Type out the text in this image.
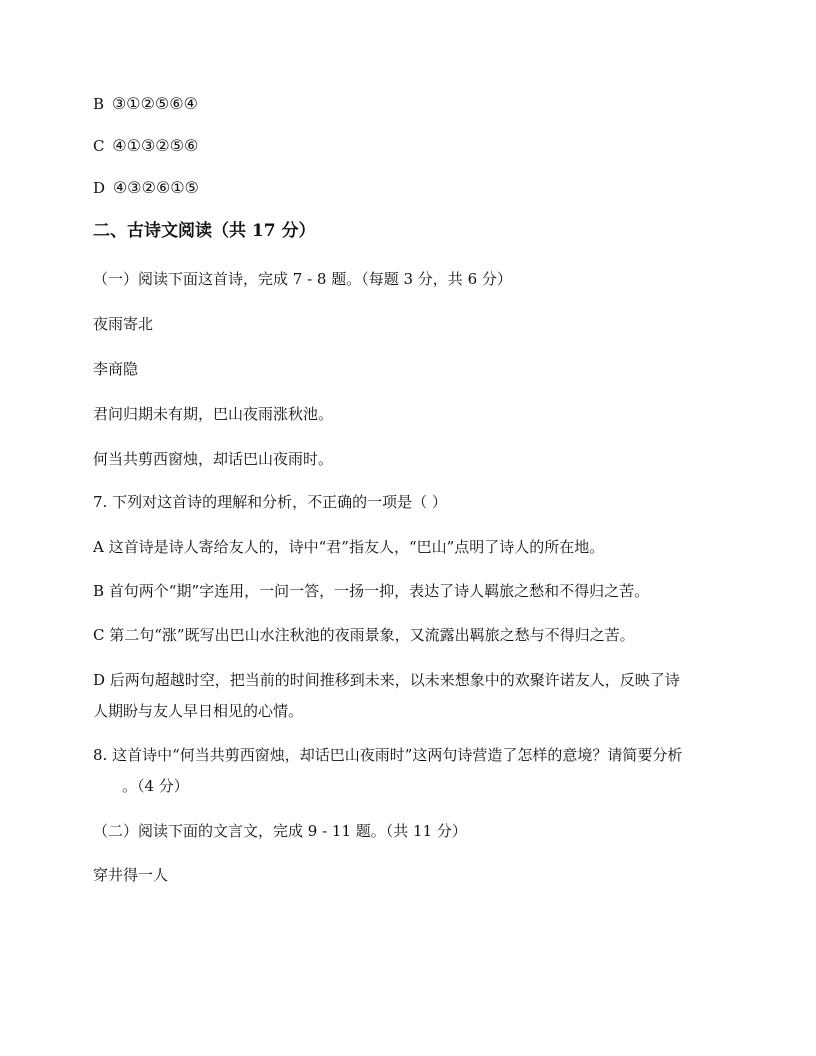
B ③①②⑤⑥④
C ④①③②⑤⑥
D ④③②⑥①⑤
二、古诗文阅读（共 17 分）
（一）阅读下面这首诗，完成 7 - 8 题。（每题 3 分，共 6 分）
夜雨寄北
李商隐
君问归期未有期，巴山夜雨涨秋池。
何当共剪西窗烛，却话巴山夜雨时。
7. 下列对这首诗的理解和分析，不正确的一项是（ ）
A 这首诗是诗人寄给友人的，诗中“君”指友人，“巴山”点明了诗人的所在地。
B 首句两个“期”字连用，一问一答，一扬一抑，表达了诗人羁旅之愁和不得归之苦。
C 第二句“涨”既写出巴山水注秋池的夜雨景象，又流露出羁旅之愁与不得归之苦。
D 后两句超越时空，把当前的时间推移到未来，以未来想象中的欢聚许诺友人，反映了诗
人期盼与友人早日相见的心情。
8. 这首诗中“何当共剪西窗烛，却话巴山夜雨时”这两句诗营造了怎样的意境？请简要分析
。（4 分）
（二）阅读下面的文言文，完成 9 - 11 题。（共 11 分）
穿井得一人
